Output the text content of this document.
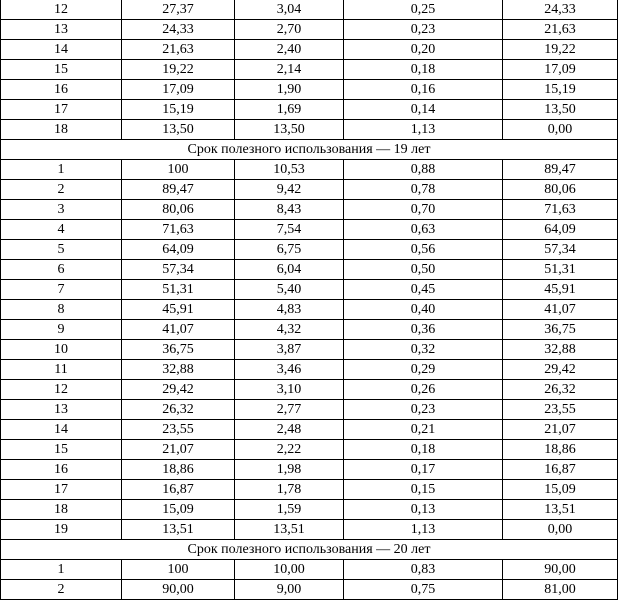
12	27,37	3,04	0,25	24,33
13	24,33	2,70	0,23	21,63
14	21,63	2,40	0,20	19,22
15	19,22	2,14	0,18	17,09
16	17,09	1,90	0,16	15,19
17	15,19	1,69	0,14	13,50
18	13,50	13,50	1,13	0,00
Срок полезного использования — 19 лет				
1	100	10,53	0,88	89,47
2	89,47	9,42	0,78	80,06
3	80,06	8,43	0,70	71,63
4	71,63	7,54	0,63	64,09
5	64,09	6,75	0,56	57,34
6	57,34	6,04	0,50	51,31
7	51,31	5,40	0,45	45,91
8	45,91	4,83	0,40	41,07
9	41,07	4,32	0,36	36,75
10	36,75	3,87	0,32	32,88
11	32,88	3,46	0,29	29,42
12	29,42	3,10	0,26	26,32
13	26,32	2,77	0,23	23,55
14	23,55	2,48	0,21	21,07
15	21,07	2,22	0,18	18,86
16	18,86	1,98	0,17	16,87
17	16,87	1,78	0,15	15,09
18	15,09	1,59	0,13	13,51
19	13,51	13,51	1,13	0,00
Срок полезного использования — 20 лет				
1	100	10,00	0,83	90,00
2	90,00	9,00	0,75	81,00
